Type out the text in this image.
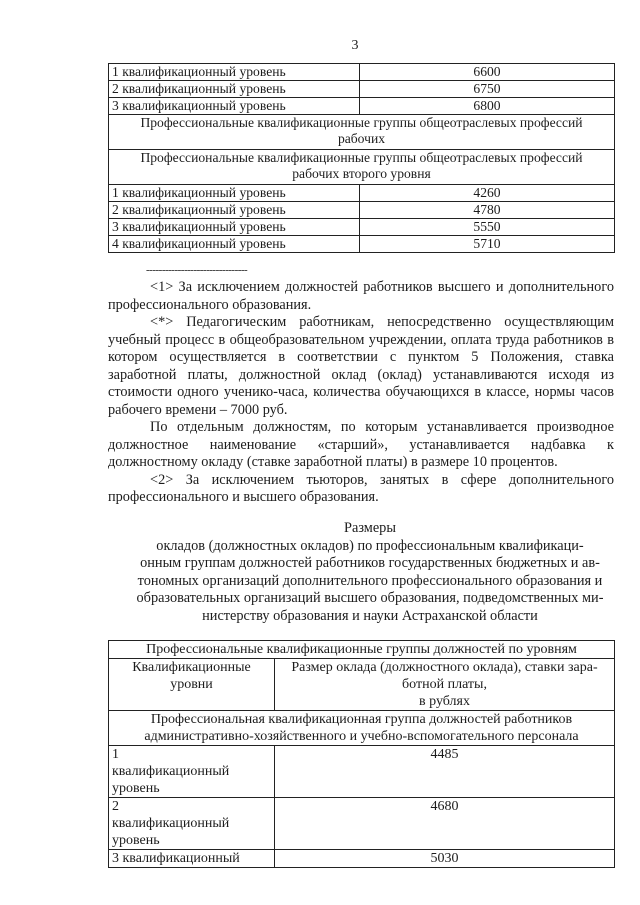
3
1 квалификационный уровень	6600
2 квалификационный уровень	6750
3 квалификационный уровень	6800
Профессиональные квалификационные группы общеотраслевых профессий рабочих	
Профессиональные квалификационные группы общеотраслевых профессий рабочих второго уровня	
1 квалификационный уровень	4260
2 квалификационный уровень	4780
3 квалификационный уровень	5550
4 квалификационный уровень	5710
--------------------------------

<1> За исключением должностей работников высшего и дополнительного профессионального образования.

<*> Педагогическим работникам, непосредственно осуществляющим учебный процесс в общеобразовательном учреждении, оплата труда работников в котором осуществляется в соответствии с пунктом 5 Положения, ставка заработной платы, должностной оклад (оклад) устанавливаются исходя из стоимости одного ученико-часа, количества обучающихся в классе, нормы часов рабочего времени – 7000 руб.

По отдельным должностям, по которым устанавливается производное должностное наименование «старший», устанавливается надбавка к должностному окладу (ставке заработной платы) в размере 10 процентов.

<2> За исключением тьюторов, занятых в сфере дополнительного профессионального и высшего образования.

Размеры
окладов (должностных окладов) по профессиональным квалификаци-
онным группам должностей работников государственных бюджетных и ав-
тономных организаций дополнительного профессионального образования и
образовательных организаций высшего образования, подведомственных ми-
нистерству образования и науки Астраханской области
Профессиональные квалификационные группы должностей по уровням	
Квалификационные уровни	Размер оклада (должностного оклада), ставки зара-
ботной платы,
в рублях

Профессиональная квалификационная группа должностей работников административно-хозяйственного и учебно-вспомогательного персонала	
1 квалификационный уровень	4485
2 квалификационный уровень	4680
3 квалификационный	5030
